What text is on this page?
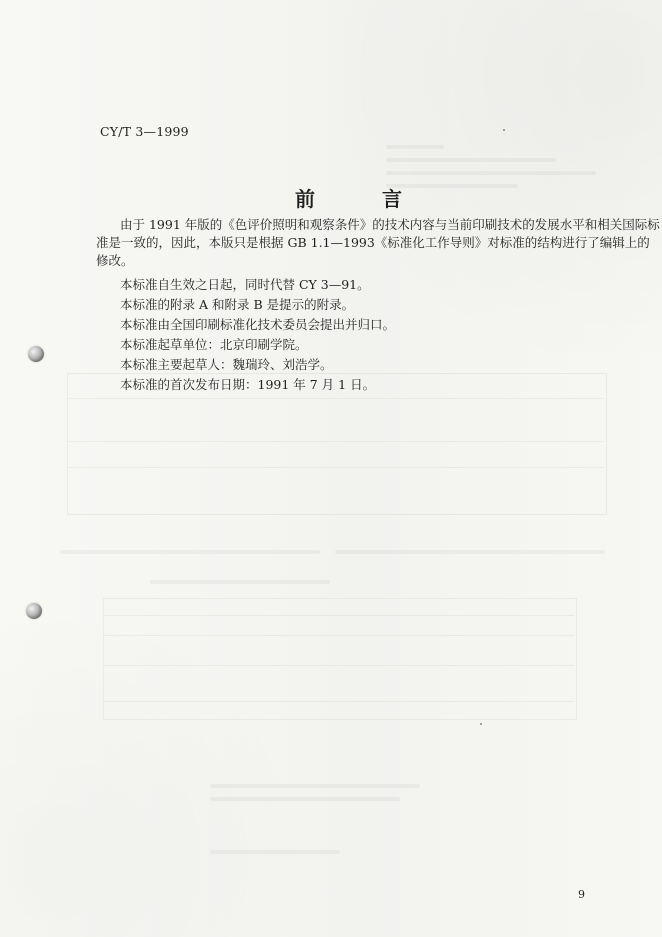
CY/T 3—1999
前 言
由于 1991 年版的《色评价照明和观察条件》的技术内容与当前印刷技术的发展水平和相关国际标
准是一致的，因此，本版只是根据 GB 1.1—1993《标准化工作导则》对标准的结构进行了编辑上的
修改。
本标准自生效之日起，同时代替 CY 3—91。
本标准的附录 A 和附录 B 是提示的附录。
本标准由全国印刷标准化技术委员会提出并归口。
本标准起草单位：北京印刷学院。
本标准主要起草人：魏瑞玲、刘浩学。
本标准的首次发布日期：1991 年 7 月 1 日。
9
